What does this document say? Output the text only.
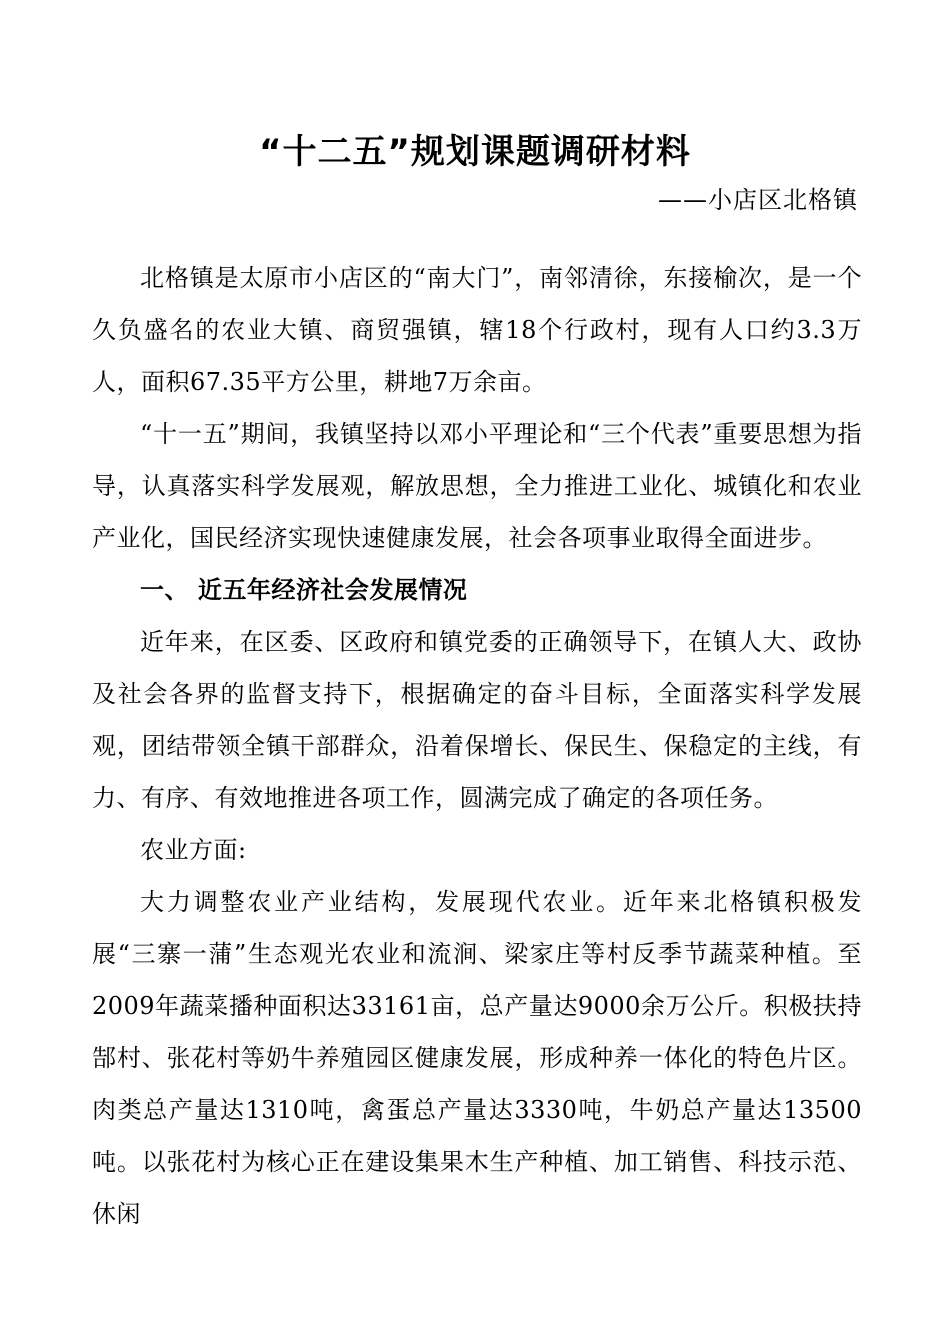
“十二五”规划课题调研材料
——小店区北格镇

北格镇是太原市小店区的“南大门”，南邻清徐，东接榆次，是一个久负盛名的农业大镇、商贸强镇，辖18个行政村，现有人口约3.3万人，面积67.35平方公里，耕地7万余亩。

“十一五”期间，我镇坚持以邓小平理论和“三个代表”重要思想为指导，认真落实科学发展观，解放思想，全力推进工业化、城镇化和农业产业化，国民经济实现快速健康发展，社会各项事业取得全面进步。

一、 近五年经济社会发展情况

近年来，在区委、区政府和镇党委的正确领导下，在镇人大、政协及社会各界的监督支持下，根据确定的奋斗目标，全面落实科学发展观，团结带领全镇干部群众，沿着保增长、保民生、保稳定的主线，有力、有序、有效地推进各项工作，圆满完成了确定的各项任务。

农业方面:

大力调整农业产业结构，发展现代农业。近年来北格镇积极发展“三寨一蒲”生态观光农业和流涧、梁家庄等村反季节蔬菜种植。至2009年蔬菜播种面积达33161亩，总产量达9000余万公斤。积极扶持郜村、张花村等奶牛养殖园区健康发展，形成种养一体化的特色片区。肉类总产量达1310吨，禽蛋总产量达3330吨，牛奶总产量达13500吨。以张花村为核心正在建设集果木生产种植、加工销售、科技示范、休闲
